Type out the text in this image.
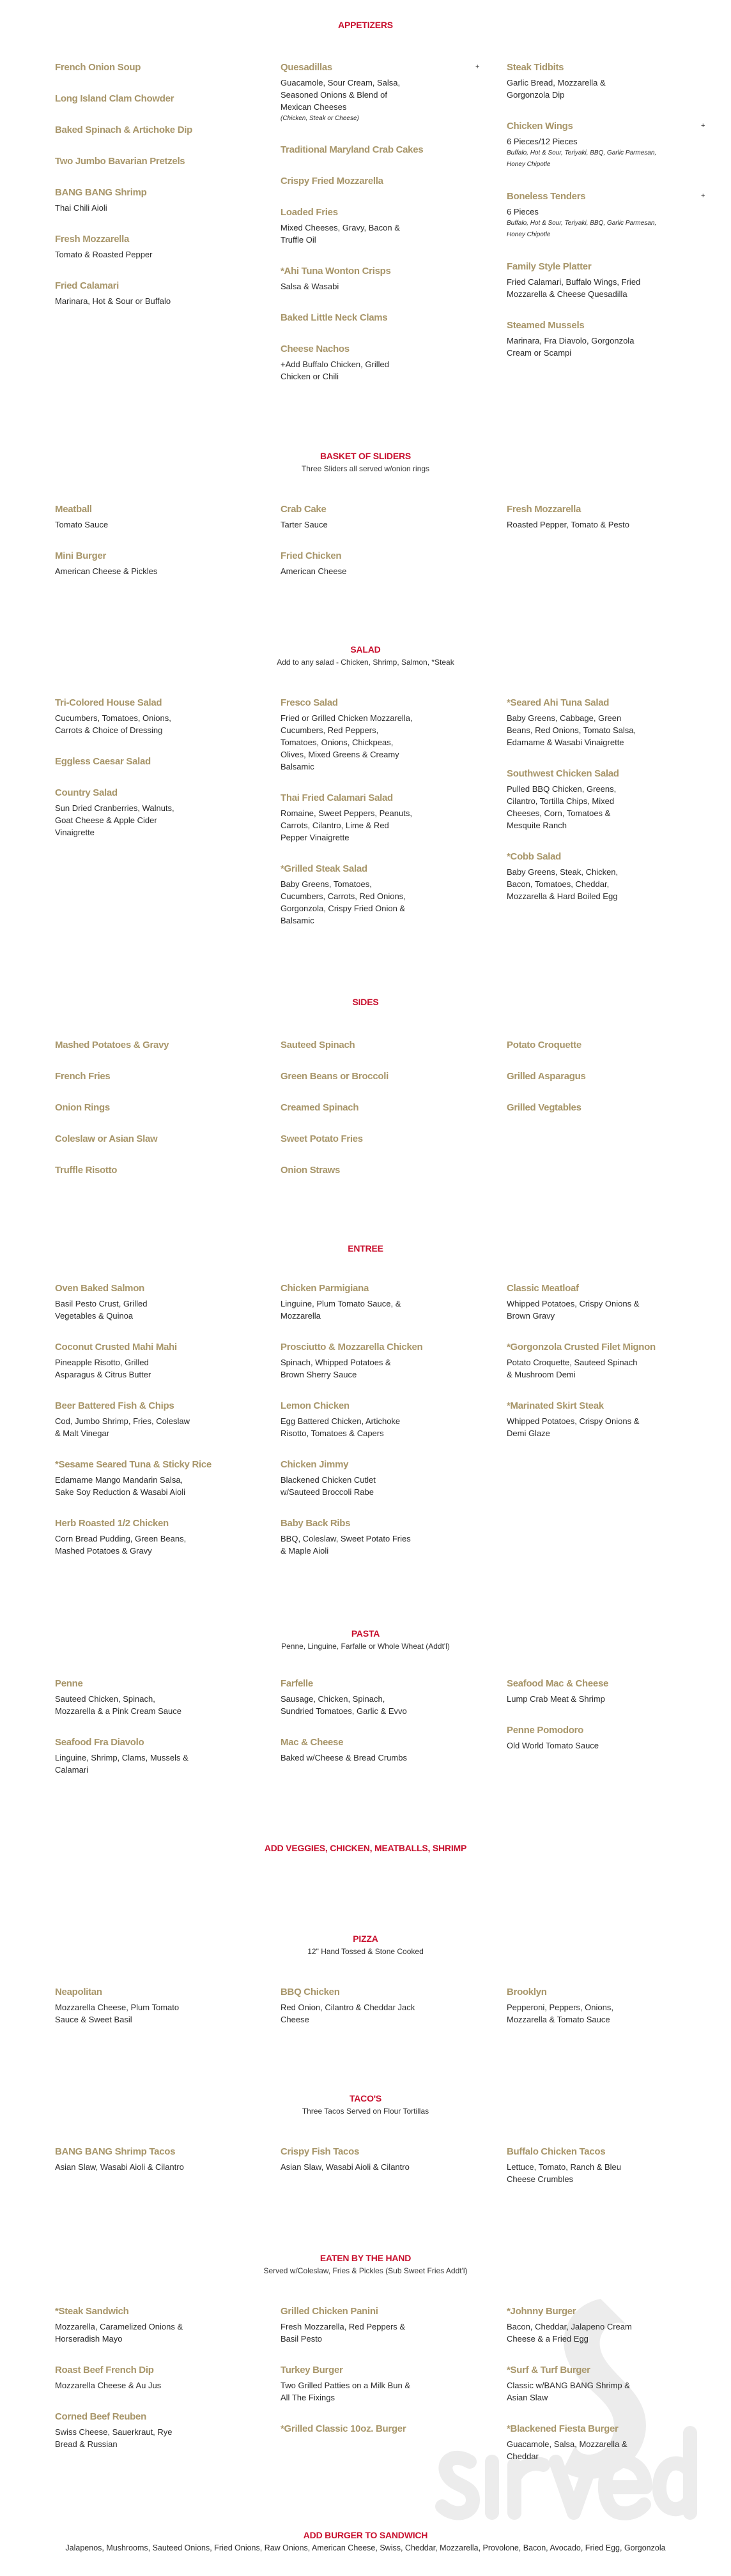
APPETIZERS
French Onion Soup
Long Island Clam Chowder
Baked Spinach & Artichoke Dip
Two Jumbo Bavarian Pretzels
BANG BANG Shrimp
Thai Chili Aioli
Fresh Mozzarella
Tomato & Roasted Pepper
Fried Calamari
Marinara, Hot & Sour or Buffalo
Quesadillas	+
Guacamole, Sour Cream, Salsa,
Seasoned Onions & Blend of
Mexican Cheeses
(Chicken, Steak or Cheese)
Traditional Maryland Crab Cakes
Crispy Fried Mozzarella
Loaded Fries
Mixed Cheeses, Gravy, Bacon &
Truffle Oil
*Ahi Tuna Wonton Crisps
Salsa & Wasabi
Baked Little Neck Clams
Cheese Nachos
+Add Buffalo Chicken, Grilled
Chicken or Chili
Steak Tidbits
Garlic Bread, Mozzarella &
Gorgonzola Dip
Chicken Wings	+
6 Pieces/12 Pieces
Buffalo, Hot & Sour, Teriyaki, BBQ, Garlic Parmesan,
Honey Chipotle
Boneless Tenders	+
6 Pieces
Buffalo, Hot & Sour, Teriyaki, BBQ, Garlic Parmesan,
Honey Chipotle
Family Style Platter
Fried Calamari, Buffalo Wings, Fried
Mozzarella & Cheese Quesadilla
Steamed Mussels
Marinara, Fra Diavolo, Gorgonzola
Cream or Scampi
BASKET OF SLIDERS
Three Sliders all served w/onion rings
Meatball
Tomato Sauce
Mini Burger
American Cheese & Pickles
Crab Cake
Tarter Sauce
Fried Chicken
American Cheese
Fresh Mozzarella
Roasted Pepper, Tomato & Pesto
SALAD
Add to any salad - Chicken, Shrimp, Salmon, *Steak
Tri-Colored House Salad
Cucumbers, Tomatoes, Onions,
Carrots & Choice of Dressing
Eggless Caesar Salad
Country Salad
Sun Dried Cranberries, Walnuts,
Goat Cheese & Apple Cider
Vinaigrette
Fresco Salad
Fried or Grilled Chicken Mozzarella,
Cucumbers, Red Peppers,
Tomatoes, Onions, Chickpeas,
Olives, Mixed Greens & Creamy
Balsamic
Thai Fried Calamari Salad
Romaine, Sweet Peppers, Peanuts,
Carrots, Cilantro, Lime & Red
Pepper Vinaigrette
*Grilled Steak Salad
Baby Greens, Tomatoes,
Cucumbers, Carrots, Red Onions,
Gorgonzola, Crispy Fried Onion &
Balsamic
*Seared Ahi Tuna Salad
Baby Greens, Cabbage, Green
Beans, Red Onions, Tomato Salsa,
Edamame & Wasabi Vinaigrette
Southwest Chicken Salad
Pulled BBQ Chicken, Greens,
Cilantro, Tortilla Chips, Mixed
Cheeses, Corn, Tomatoes &
Mesquite Ranch
*Cobb Salad
Baby Greens, Steak, Chicken,
Bacon, Tomatoes, Cheddar,
Mozzarella & Hard Boiled Egg
SIDES
Mashed Potatoes & Gravy
French Fries
Onion Rings
Coleslaw or Asian Slaw
Truffle Risotto
Sauteed Spinach
Green Beans or Broccoli
Creamed Spinach
Sweet Potato Fries
Onion Straws
Potato Croquette
Grilled Asparagus
Grilled Vegtables
ENTREE
Oven Baked Salmon
Basil Pesto Crust, Grilled
Vegetables & Quinoa
Coconut Crusted Mahi Mahi
Pineapple Risotto, Grilled
Asparagus & Citrus Butter
Beer Battered Fish & Chips
Cod, Jumbo Shrimp, Fries, Coleslaw
& Malt Vinegar
*Sesame Seared Tuna & Sticky Rice
Edamame Mango Mandarin Salsa,
Sake Soy Reduction & Wasabi Aioli
Herb Roasted 1/2 Chicken
Corn Bread Pudding, Green Beans,
Mashed Potatoes & Gravy
Chicken Parmigiana
Linguine, Plum Tomato Sauce, &
Mozzarella
Prosciutto & Mozzarella Chicken
Spinach, Whipped Potatoes &
Brown Sherry Sauce
Lemon Chicken
Egg Battered Chicken, Artichoke
Risotto, Tomatoes & Capers
Chicken Jimmy
Blackened Chicken Cutlet
w/Sauteed Broccoli Rabe
Baby Back Ribs
BBQ, Coleslaw, Sweet Potato Fries
& Maple Aioli
Classic Meatloaf
Whipped Potatoes, Crispy Onions &
Brown Gravy
*Gorgonzola Crusted Filet Mignon
Potato Croquette, Sauteed Spinach
& Mushroom Demi
*Marinated Skirt Steak
Whipped Potatoes, Crispy Onions &
Demi Glaze
PASTA
Penne, Linguine, Farfalle or Whole Wheat (Addt'l)
Penne
Sauteed Chicken, Spinach,
Mozzarella & a Pink Cream Sauce
Seafood Fra Diavolo
Linguine, Shrimp, Clams, Mussels &
Calamari
Farfelle
Sausage, Chicken, Spinach,
Sundried Tomatoes, Garlic & Evvo
Mac & Cheese
Baked w/Cheese & Bread Crumbs
Seafood Mac & Cheese
Lump Crab Meat & Shrimp
Penne Pomodoro
Old World Tomato Sauce
ADD VEGGIES, CHICKEN, MEATBALLS, SHRIMP
PIZZA
12" Hand Tossed & Stone Cooked
Neapolitan
Mozzarella Cheese, Plum Tomato
Sauce & Sweet Basil
BBQ Chicken
Red Onion, Cilantro & Cheddar Jack
Cheese
Brooklyn
Pepperoni, Peppers, Onions,
Mozzarella & Tomato Sauce
TACO'S
Three Tacos Served on Flour Tortillas
BANG BANG Shrimp Tacos
Asian Slaw, Wasabi Aioli & Cilantro
Crispy Fish Tacos
Asian Slaw, Wasabi Aioli & Cilantro
Buffalo Chicken Tacos
Lettuce, Tomato, Ranch & Bleu
Cheese Crumbles
EATEN BY THE HAND
Served w/Coleslaw, Fries & Pickles (Sub Sweet Fries Addt'l)
*Steak Sandwich
Mozzarella, Caramelized Onions &
Horseradish Mayo
Roast Beef French Dip
Mozzarella Cheese & Au Jus
Corned Beef Reuben
Swiss Cheese, Sauerkraut, Rye
Bread & Russian
Grilled Chicken Panini
Fresh Mozzarella, Red Peppers &
Basil Pesto
Turkey Burger
Two Grilled Patties on a Milk Bun &
All The Fixings
*Grilled Classic 10oz. Burger
*Johnny Burger
Bacon, Cheddar, Jalapeno Cream
Cheese & a Fried Egg
*Surf & Turf Burger
Classic w/BANG BANG Shrimp &
Asian Slaw
*Blackened Fiesta Burger
Guacamole, Salsa, Mozzarella &
Cheddar
ADD BURGER TO SANDWICH
Jalapenos, Mushrooms, Sauteed Onions, Fried Onions, Raw Onions, American Cheese, Swiss, Cheddar, Mozzarella, Provolone, Bacon, Avocado, Fried Egg, Gorgonzola
